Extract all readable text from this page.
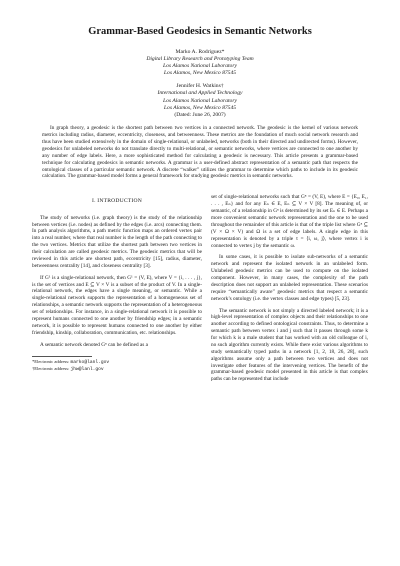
Grammar-Based Geodesics in Semantic Networks
Marko A. Rodriguez*
Digital Library Research and Prototyping Team
Los Alamos National Laboratory
Los Alamos, New Mexico 87545
Jennifer H. Watkins†
International and Applied Technology
Los Alamos National Laboratory
Los Alamos, New Mexico 87545
(Dated: June 26, 2007)
In graph theory, a geodesic is the shortest path between two vertices in a connected network. The geodesic is the kernel of various network metrics including radius, diameter, eccentricity, closeness, and betweenness. These metrics are the foundation of much social network research and thus have been studied extensively in the domain of single-relational, or unlabeled, networks (both in their directed and undirected forms). However, geodesics for unlabeled networks do not translate directly to multi-relational, or semantic networks, where vertices are connected to one another by any number of edge labels. Here, a more sophisticated method for calculating a geodesic is necessary. This article presents a grammar-based technique for calculating geodesics in semantic networks. A grammar is a user-defined abstract representation of a semantic path that respects the ontological classes of a particular semantic network. A discrete “walker” utilizes the grammar to determine which paths to include in its geodesic calculation. The grammar-based model forms a general framework for studying geodesic metrics in semantic networks.
I. INTRODUCTION

The study of networks (i.e. graph theory) is the study of the relationship between vertices (i.e. nodes) as defined by the edges (i.e. arcs) connecting them. In path analysis algorithms, a path metric function maps an ordered vertex pair into a real number, where that real number is the length of the path connecting to the two vertices. Metrics that utilize the shortest path between two vertices in their calculation are called geodesic metrics. The geodesic metrics that will be reviewed in this article are shortest path, eccentricity [15], radius, diameter, betweenness centrality [14], and closeness centrality [3].

If G¹ is a single-relational network, then G¹ = (V, E), where V = {i, . . . , j}, is the set of vertices and E ⊆ V × V is a subset of the product of V. In a single-relational network, the edges have a single meaning, or semantic. While a single-relational network supports the representation of a homogeneous set of relationships, a semantic network supports the representation of a heterogeneous set of relationships. For instance, in a single-relational network it is possible to represent humans connected to one another by friendship edges; in a semantic network, it is possible to represent humans connected to one another by either friendship, kinship, collaboration, communication, etc. relationships.

A semantic network denoted Gⁿ can be defined as a

*Electronic address: marko@lanl.gov
†Electronic address: jhw@lanl.gov

set of single-relational networks such that Gⁿ = (V, E), where E = {E₀, E₁, . . . , Eₙ} and for any Eₙ ∈ E, Eₙ ⊆ V × V [8]. The meaning of, or semantic, of a relationship in Gⁿ is determined by its set Eₙ ∈ E. Perhaps a more convenient semantic network representation and the one to be used throughout the remainder of this article is that of the triple list where Gⁿ ⊆ (V × Ω × V) and Ω is a set of edge labels. A single edge in this representation is denoted by a triple τ = ⟨i, ω, j⟩, where vertex i is connected to vertex j by the semantic ω.

In some cases, it is possible to isolate sub-networks of a semantic network and represent the isolated network in an unlabeled form. Unlabeled geodesic metrics can be used to compute on the isolated component. However, in many cases, the complexity of the path description does not support an unlabeled representation. These scenarios require “semantically aware” geodesic metrics that respect a semantic network’s ontology (i.e. the vertex classes and edge types) [5, 23].

The semantic network is not simply a directed labeled network; it is a high-level representation of complex objects and their relationships to one another according to defined ontological constraints. Thus, to determine a semantic path between vertex i and j such that it passes through some k for which k is a male student that has worked with an old colleague of i, no such algorithm currently exists. While there exist various algorithms to study semantically typed paths in a network [1, 2, 18, 26, 28], such algorithms assume only a path between two vertices and does not investigate other features of the intervening vertices. The benefit of the grammar-based geodesic model presented in this article is that complex paths can be represented that include
